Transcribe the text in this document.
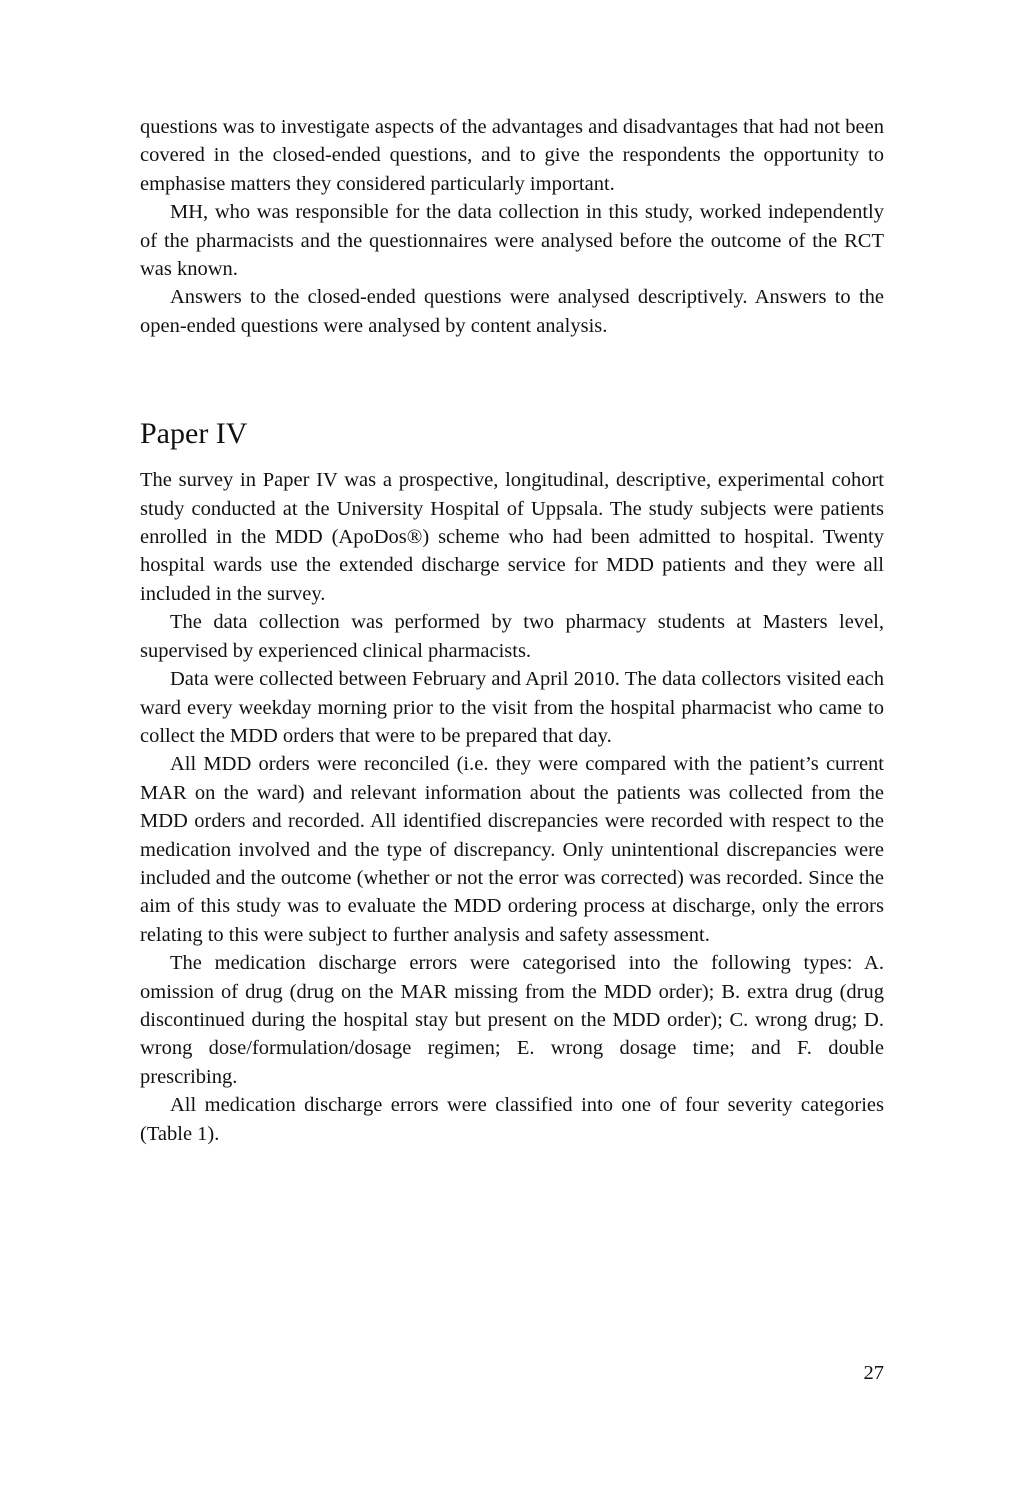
questions was to investigate aspects of the advantages and disadvantages that had not been covered in the closed-ended questions, and to give the respondents the opportunity to emphasise matters they considered particularly important.

MH, who was responsible for the data collection in this study, worked independently of the pharmacists and the questionnaires were analysed before the outcome of the RCT was known.

Answers to the closed-ended questions were analysed descriptively. Answers to the open-ended questions were analysed by content analysis.

Paper IV

The survey in Paper IV was a prospective, longitudinal, descriptive, experimental cohort study conducted at the University Hospital of Uppsala. The study subjects were patients enrolled in the MDD (ApoDos®) scheme who had been admitted to hospital. Twenty hospital wards use the extended discharge service for MDD patients and they were all included in the survey.

The data collection was performed by two pharmacy students at Masters level, supervised by experienced clinical pharmacists.

Data were collected between February and April 2010. The data collectors visited each ward every weekday morning prior to the visit from the hospital pharmacist who came to collect the MDD orders that were to be prepared that day.

All MDD orders were reconciled (i.e. they were compared with the patient’s current MAR on the ward) and relevant information about the patients was collected from the MDD orders and recorded. All identified discrepancies were recorded with respect to the medication involved and the type of discrepancy. Only unintentional discrepancies were included and the outcome (whether or not the error was corrected) was recorded. Since the aim of this study was to evaluate the MDD ordering process at discharge, only the errors relating to this were subject to further analysis and safety assessment.

The medication discharge errors were categorised into the following types: A. omission of drug (drug on the MAR missing from the MDD order); B. extra drug (drug discontinued during the hospital stay but present on the MDD order); C. wrong drug; D. wrong dose/formulation/dosage regimen; E. wrong dosage time; and F. double prescribing.

All medication discharge errors were classified into one of four severity categories (Table 1).

27
